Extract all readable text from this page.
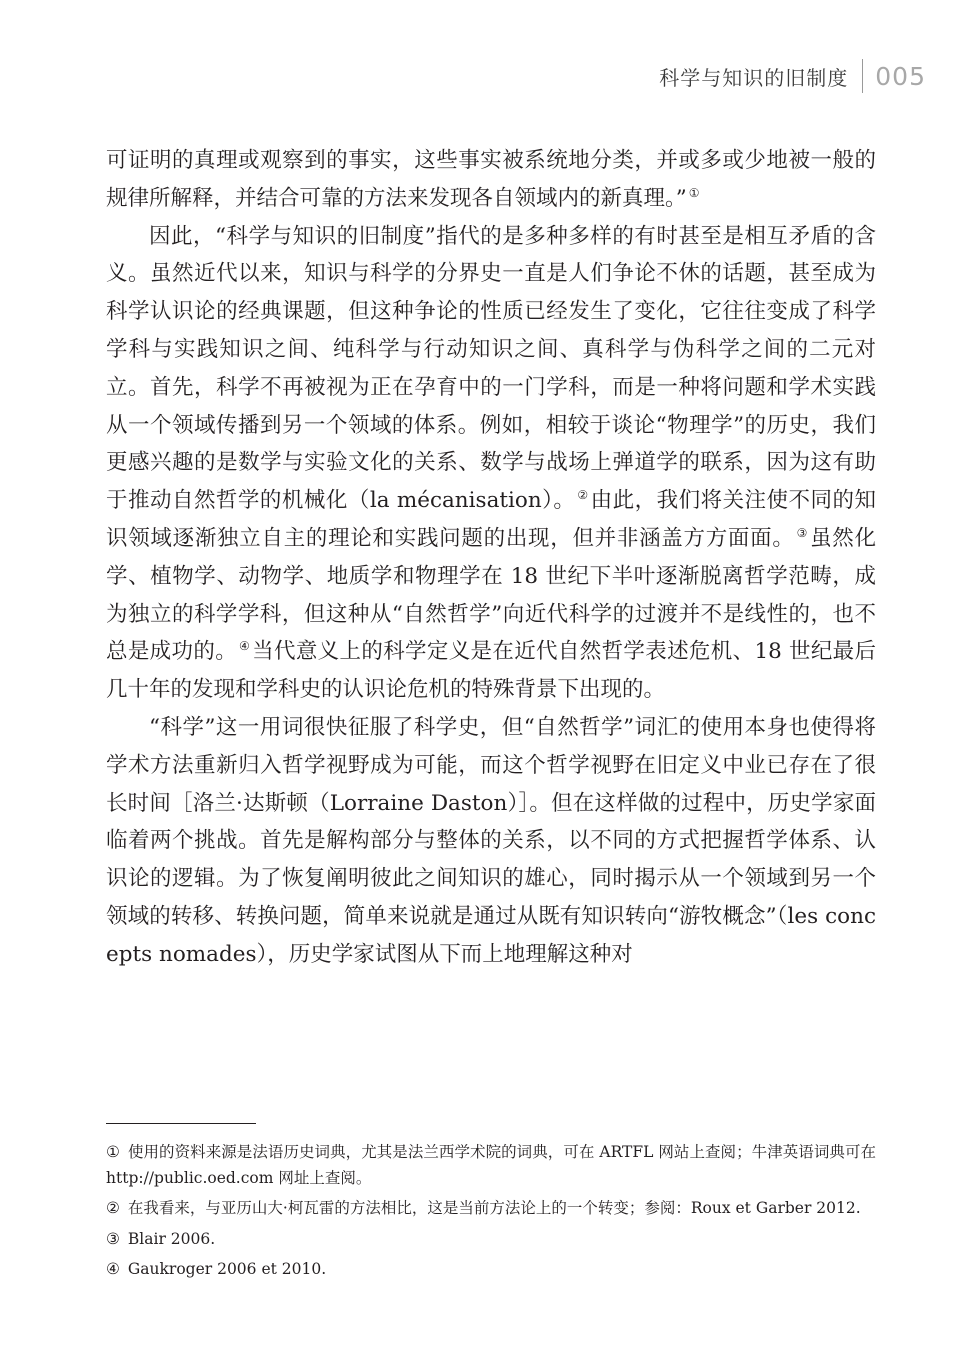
科学与知识的旧制度 005

可证明的真理或观察到的事实，这些事实被系统地分类，并或多或少地被一般的规律所解释，并结合可靠的方法来发现各自领域内的新真理。” ①

因此，“科学与知识的旧制度”指代的是多种多样的有时甚至是相互矛盾的含义。虽然近代以来，知识与科学的分界史一直是人们争论不休的话题，甚至成为科学认识论的经典课题，但这种争论的性质已经发生了变化，它往往变成了科学学科与实践知识之间、纯科学与行动知识之间、真科学与伪科学之间的二元对立。首先，科学不再被视为正在孕育中的一门学科，而是一种将问题和学术实践从一个领域传播到另一个领域的体系。例如，相较于谈论“物理学”的历史，我们更感兴趣的是数学与实验文化的关系、数学与战场上弹道学的联系，因为这有助于推动自然哲学的机械化（la mécanisation）。 ②由此，我们将关注使不同的知识领域逐渐独立自主的理论和实践问题的出现，但并非涵盖方方面面。 ③虽然化学、植物学、动物学、地质学和物理学在 18 世纪下半叶逐渐脱离哲学范畴，成为独立的科学学科，但这种从“自然哲学”向近代科学的过渡并不是线性的，也不总是成功的。 ④当代意义上的科学定义是在近代自然哲学表述危机、18 世纪最后几十年的发现和学科史的认识论危机的特殊背景下出现的。

“科学”这一用词很快征服了科学史，但“自然哲学”词汇的使用本身也使得将学术方法重新归入哲学视野成为可能，而这个哲学视野在旧定义中业已存在了很长时间［洛兰·达斯顿（Lorraine Daston）］。但在这样做的过程中，历史学家面临着两个挑战。首先是解构部分与整体的关系，以不同的方式把握哲学体系、认识论的逻辑。为了恢复阐明彼此之间知识的雄心，同时揭示从一个领域到另一个领域的转移、转换问题，简单来说就是通过从既有知识转向“游牧概念”（les concepts nomades），历史学家试图从下而上地理解这种对

① 使用的资料来源是法语历史词典，尤其是法兰西学术院的词典，可在 ARTFL 网站上查阅；牛津英语词典可在 http://public.oed.com 网址上查阅。

② 在我看来，与亚历山大·柯瓦雷的方法相比，这是当前方法论上的一个转变；参阅：Roux et Garber 2012.

③ Blair 2006.

④ Gaukroger 2006 et 2010.
